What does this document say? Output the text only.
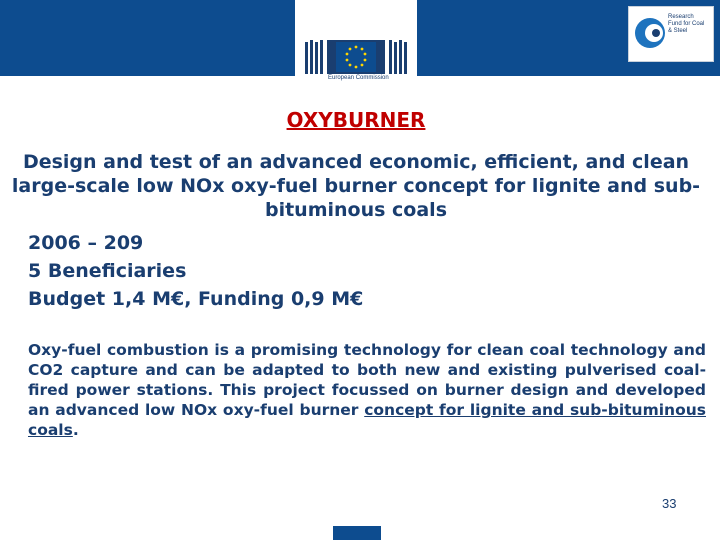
European Commission
Research Fund for Coal & Steel
OXYBURNER

Design and test of an advanced economic, efficient, and clean large-scale low NOx oxy-fuel burner concept for lignite and sub-bituminous coals

2006 – 209
5 Beneficiaries
Budget 1,4 M€, Funding 0,9 M€
Oxy-fuel combustion is a promising technology for clean coal technology and CO2 capture and can be adapted to both new and existing pulverised coal-fired power stations. This project focussed on burner design and developed an advanced low NOx oxy-fuel burner concept for lignite and sub-bituminous coals.
33
